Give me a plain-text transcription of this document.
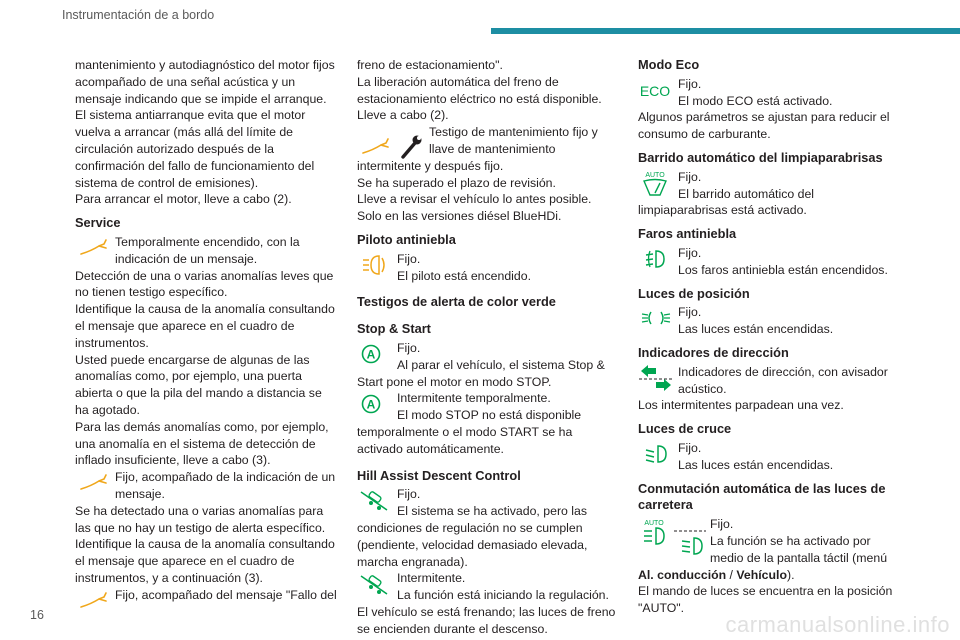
Instrumentación de a bordo

mantenimiento y autodiagnóstico del motor fijos acompañado de una señal acústica y un mensaje indicando que se impide el arranque.

El sistema antiarranque evita que el motor vuelva a arrancar (más allá del límite de circulación autorizado después de la confirmación del fallo de funcionamiento del sistema de control de emisiones).

Para arrancar el motor, lleve a cabo (2).

Service

Temporalmente encendido, con la indicación de un mensaje.

Detección de una o varias anomalías leves que no tienen testigo específico.

Identifique la causa de la anomalía consultando el mensaje que aparece en el cuadro de instrumentos.

Usted puede encargarse de algunas de las anomalías como, por ejemplo, una puerta abierta o que la pila del mando a distancia se ha agotado.

Para las demás anomalías como, por ejemplo, una anomalía en el sistema de detección de inflado insuficiente, lleve a cabo (3).

Fijo, acompañado de la indicación de un mensaje.

Se ha detectado una o varias anomalías para las que no hay un testigo de alerta específico.

Identifique la causa de la anomalía consultando el mensaje que aparece en el cuadro de instrumentos, y a continuación (3).

Fijo, acompañado del mensaje "Fallo del

freno de estacionamiento".

La liberación automática del freno de estacionamiento eléctrico no está disponible.

Lleve a cabo (2).

Testigo de mantenimiento fijo y llave de mantenimiento intermitente y después fijo.

Se ha superado el plazo de revisión.

Lleve a revisar el vehículo lo antes posible.

Solo en las versiones diésel BlueHDi.

Piloto antiniebla

Fijo.

El piloto está encendido.

Testigos de alerta de color verde
Stop & Start
A	Fijo.

Al parar el vehículo, el sistema Stop & Start pone el motor en modo STOP.

A	Intermitente temporalmente.

El modo STOP no está disponible temporalmente o el modo START se ha activado automáticamente.

Hill Assist Descent Control

Fijo.

El sistema se ha activado, pero las condiciones de regulación no se cumplen (pendiente, velocidad demasiado elevada, marcha engranada).

Intermitente.

La función está iniciando la regulación.

El vehículo se está frenando; las luces de freno se encienden durante el descenso.

Modo Eco
ECO Fijo.

El modo ECO está activado.

Algunos parámetros se ajustan para reducir el consumo de carburante.

Barrido automático del limpiaparabrisas
AUTO	Fijo.

El barrido automático del limpiaparabrisas está activado.

Faros antiniebla

Fijo.

Los faros antiniebla están encendidos.

Luces de posición

Fijo.

Las luces están encendidas.

Indicadores de dirección

Indicadores de dirección, con avisador acústico.

Los intermitentes parpadean una vez.

Luces de cruce

Fijo.

Las luces están encendidas.

Conmutación automática de las luces de carretera
AUTO	Fijo.

La función se ha activado por medio de la pantalla táctil (menú Al. conducción / Vehículo).

El mando de luces se encuentra en la posición "AUTO".

16	carmanualsonline.info
